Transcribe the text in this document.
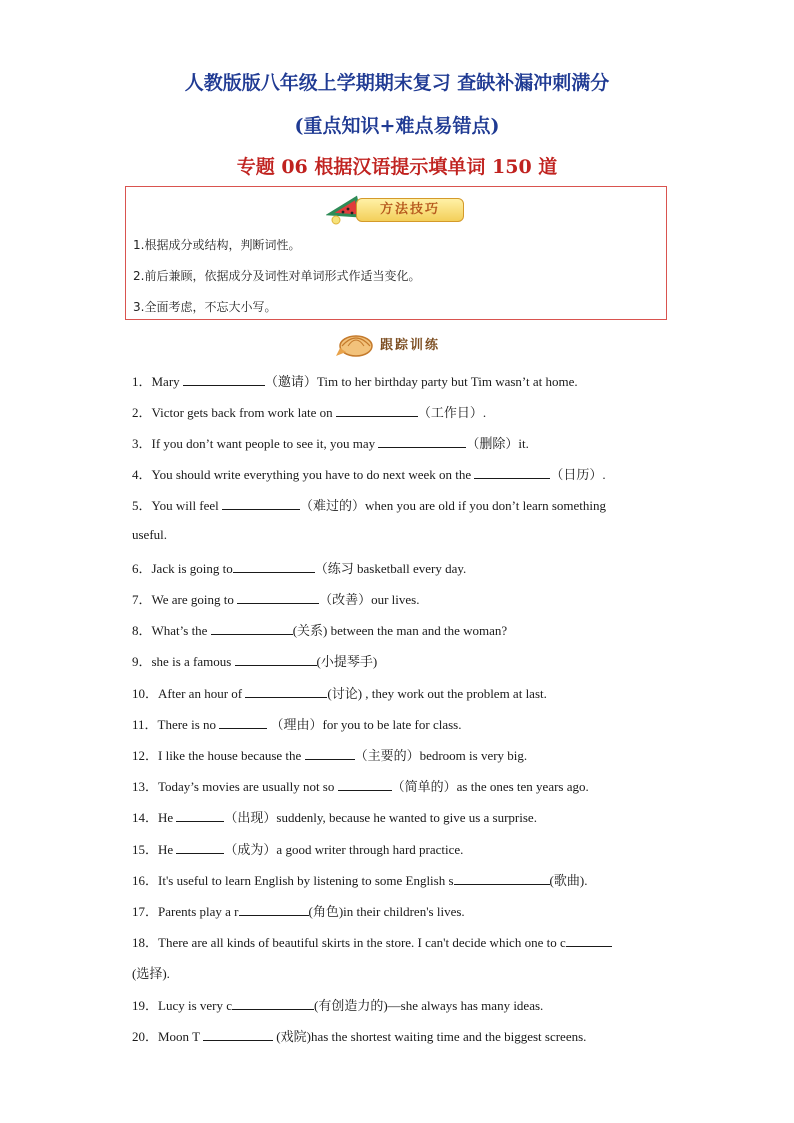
人教版版八年级上学期期末复习 查缺补漏冲刺满分
(重点知识+难点易错点)
专题 06 根据汉语提示填单词 150 道
方法技巧
1.根据成分或结构，判断词性。
2.前后兼顾，依据成分及词性对单词形式作适当变化。
3.全面考虑，不忘大小写。
跟踪训练
1．Mary	（邀请）Tim to her birthday party but Tim wasn’t at home.
2．Victor gets back from work late on	（工作日）.
3．If you don’t want people to see it, you may	（删除）it.
4．You should write everything you have to do next week on the	（日历）.
5．You will feel	（难过的）when you are old if you don’t learn something
useful.
6．Jack is going to	（练习 basketball every day.
7．We are going to	（改善）our lives.
8．What’s the	(关系) between the man and the woman?
9．she is a famous	(小提琴手)
10．After an hour of	(讨论) , they work out the problem at last.
11．There is no	（理由）for you to be late for class.
12．I like the house because the	（主要的）bedroom is very big.
13．Today’s movies are usually not so	（简单的）as the ones ten years ago.
14．He	（出现）suddenly, because he wanted to give us a surprise.
15．He	（成为）a good writer through hard practice.
16．It's useful to learn English by listening to some English s	(歌曲).
17．Parents play a r	(角色)in their children's lives.
18．There are all kinds of beautiful skirts in the store. I can't decide which one to c
(选择).
19．Lucy is very c	(有创造力的)—she always has many ideas.
20．Moon T	(戏院)has the shortest waiting time and the biggest screens.
